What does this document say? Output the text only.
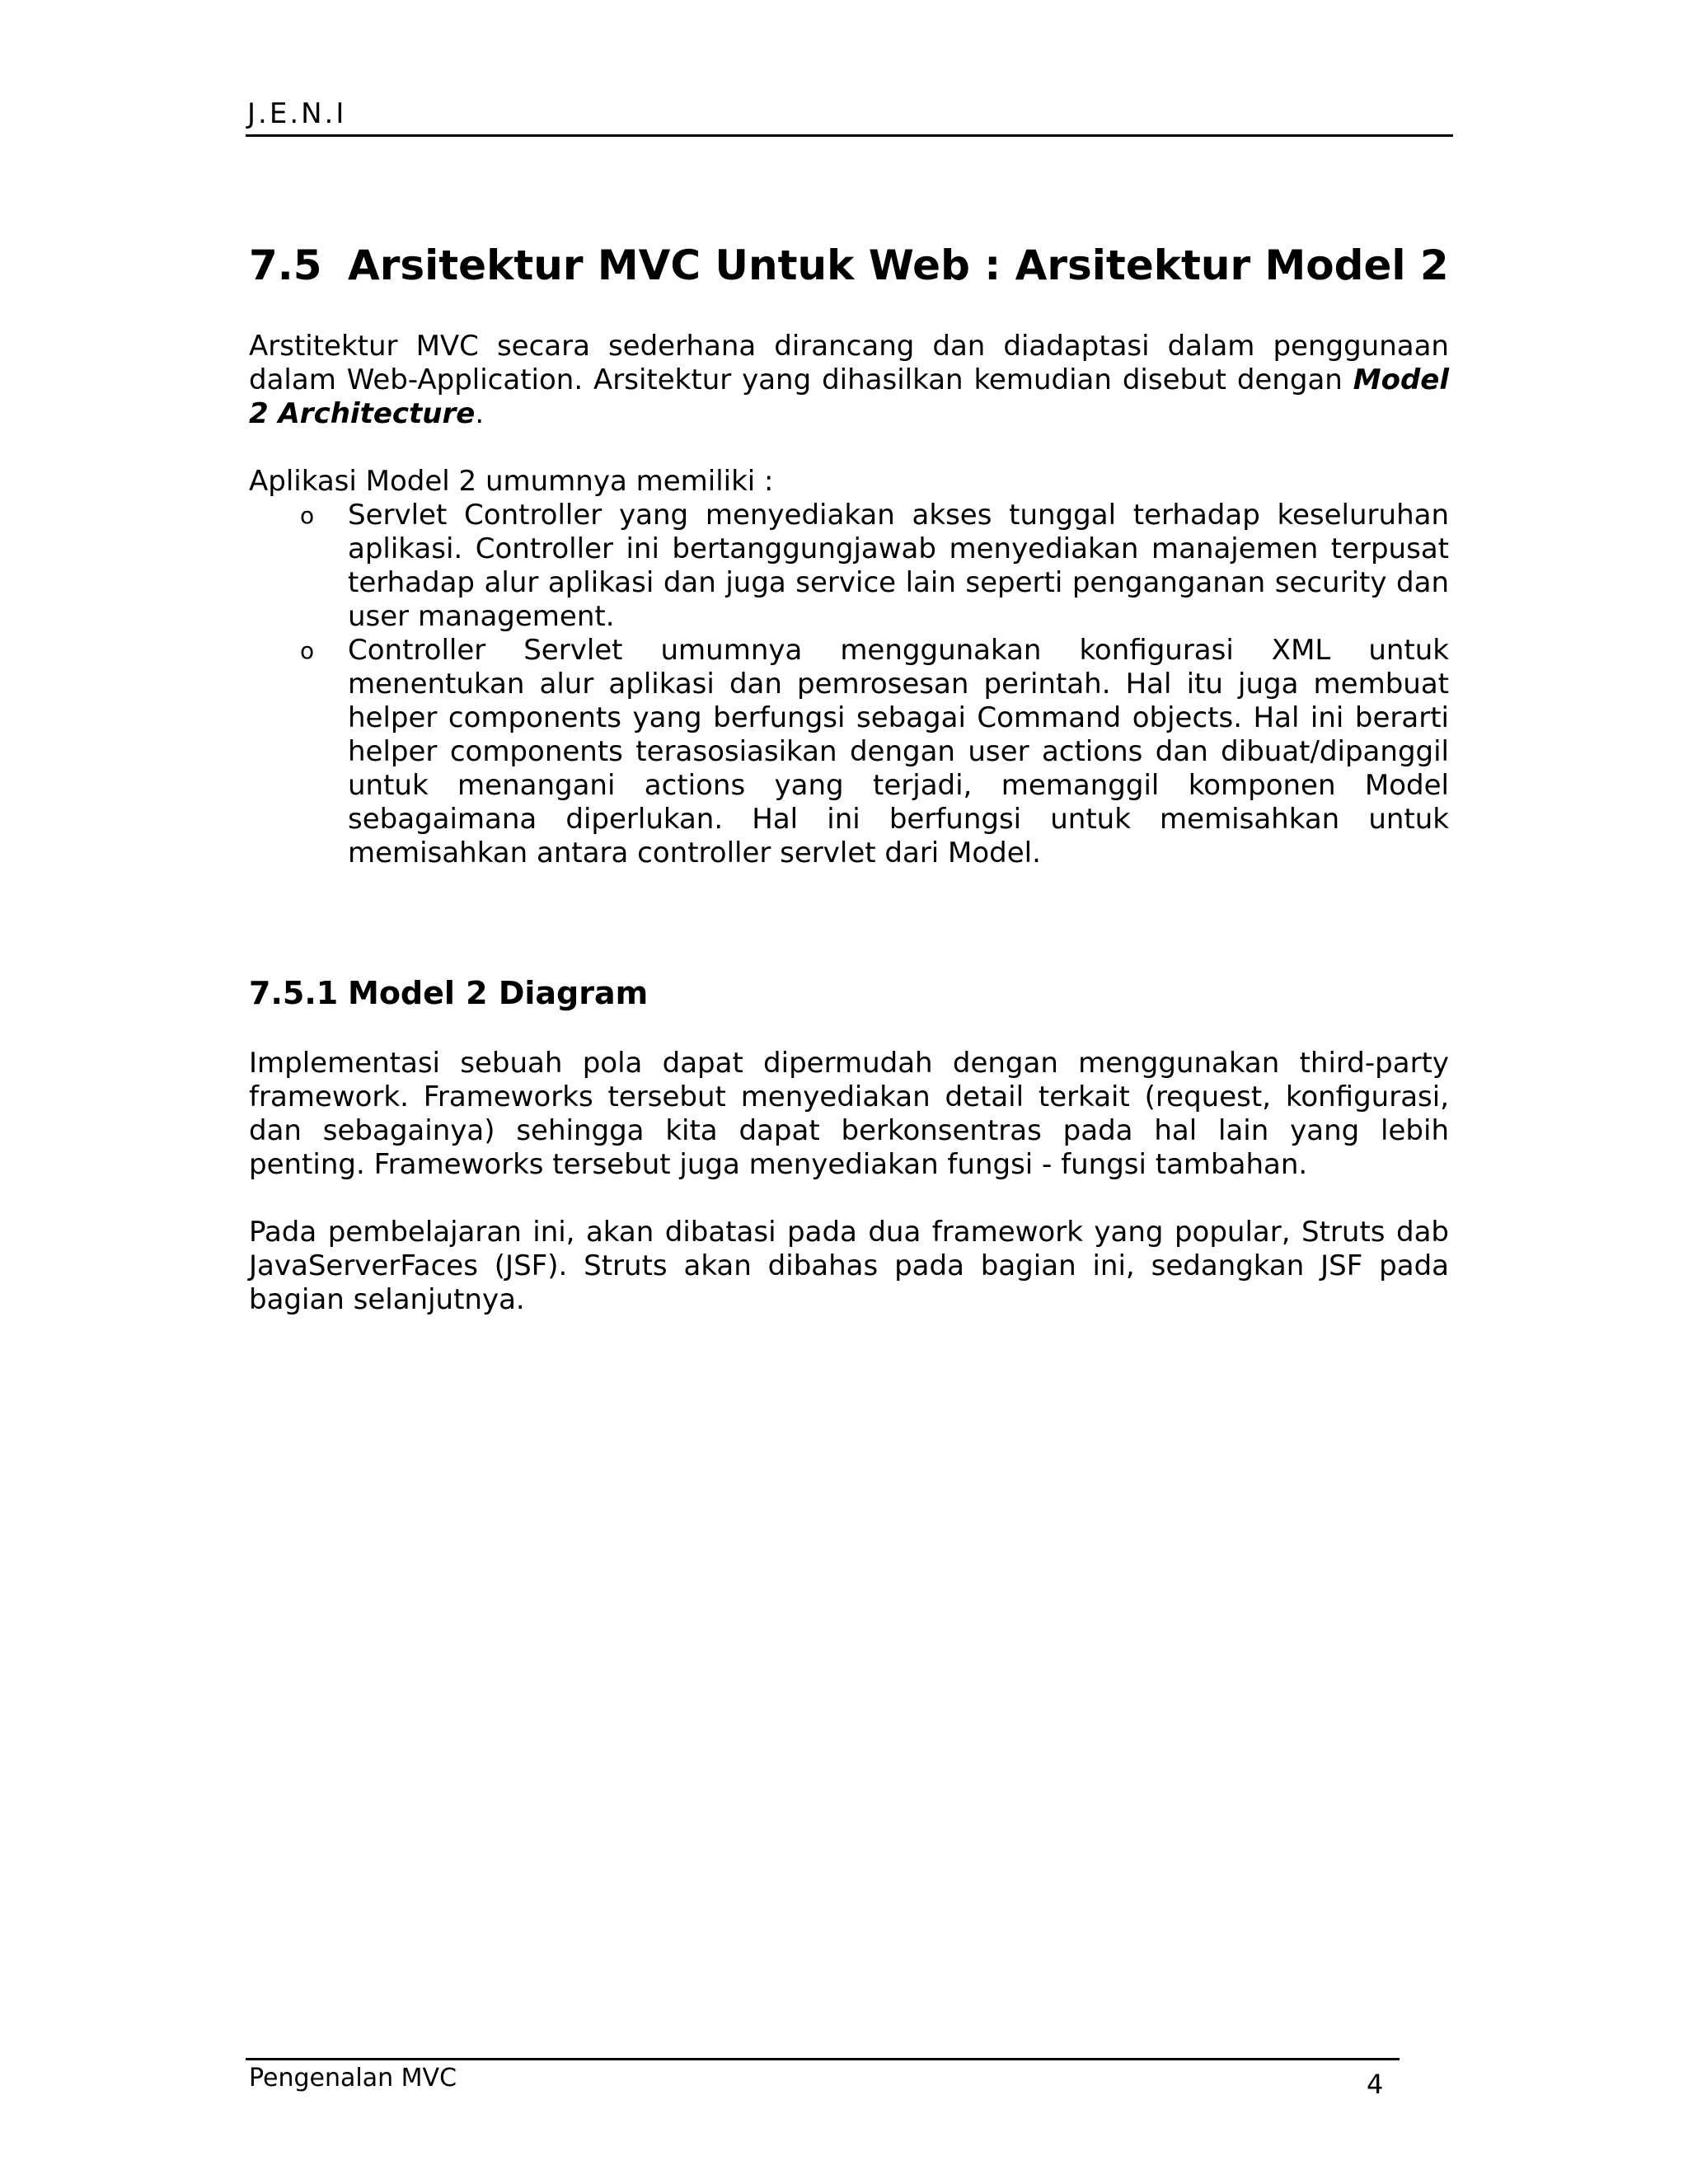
J.E.N.I
7.5 Arsitektur MVC Untuk Web : Arsitektur Model 2

Arstitektur MVC secara sederhana dirancang dan diadaptasi dalam penggunaan dalam Web-Application. Arsitektur yang dihasilkan kemudian disebut dengan Model 2 Architecture.

Aplikasi Model 2 umumnya memiliki :

o Servlet Controller yang menyediakan akses tunggal terhadap keseluruhan aplikasi. Controller ini bertanggungjawab menyediakan manajemen terpusat terhadap alur aplikasi dan juga service lain seperti penganganan security dan user management.
o Controller Servlet umumnya menggunakan konfigurasi XML untuk menentukan alur aplikasi dan pemrosesan perintah. Hal itu juga membuat helper components yang berfungsi sebagai Command objects. Hal ini berarti helper components terasosiasikan dengan user actions dan dibuat/dipanggil untuk menangani actions yang terjadi, memanggil komponen Model sebagaimana diperlukan. Hal ini berfungsi untuk memisahkan untuk memisahkan antara controller servlet dari Model.
7.5.1 Model 2 Diagram

Implementasi sebuah pola dapat dipermudah dengan menggunakan third-party framework. Frameworks tersebut menyediakan detail terkait (request, konfigurasi, dan sebagainya) sehingga kita dapat berkonsentras pada hal lain yang lebih penting. Frameworks tersebut juga menyediakan fungsi - fungsi tambahan.

Pada pembelajaran ini, akan dibatasi pada dua framework yang popular, Struts dab JavaServerFaces (JSF). Struts akan dibahas pada bagian ini, sedangkan JSF pada bagian selanjutnya.

Pengenalan MVC	4
